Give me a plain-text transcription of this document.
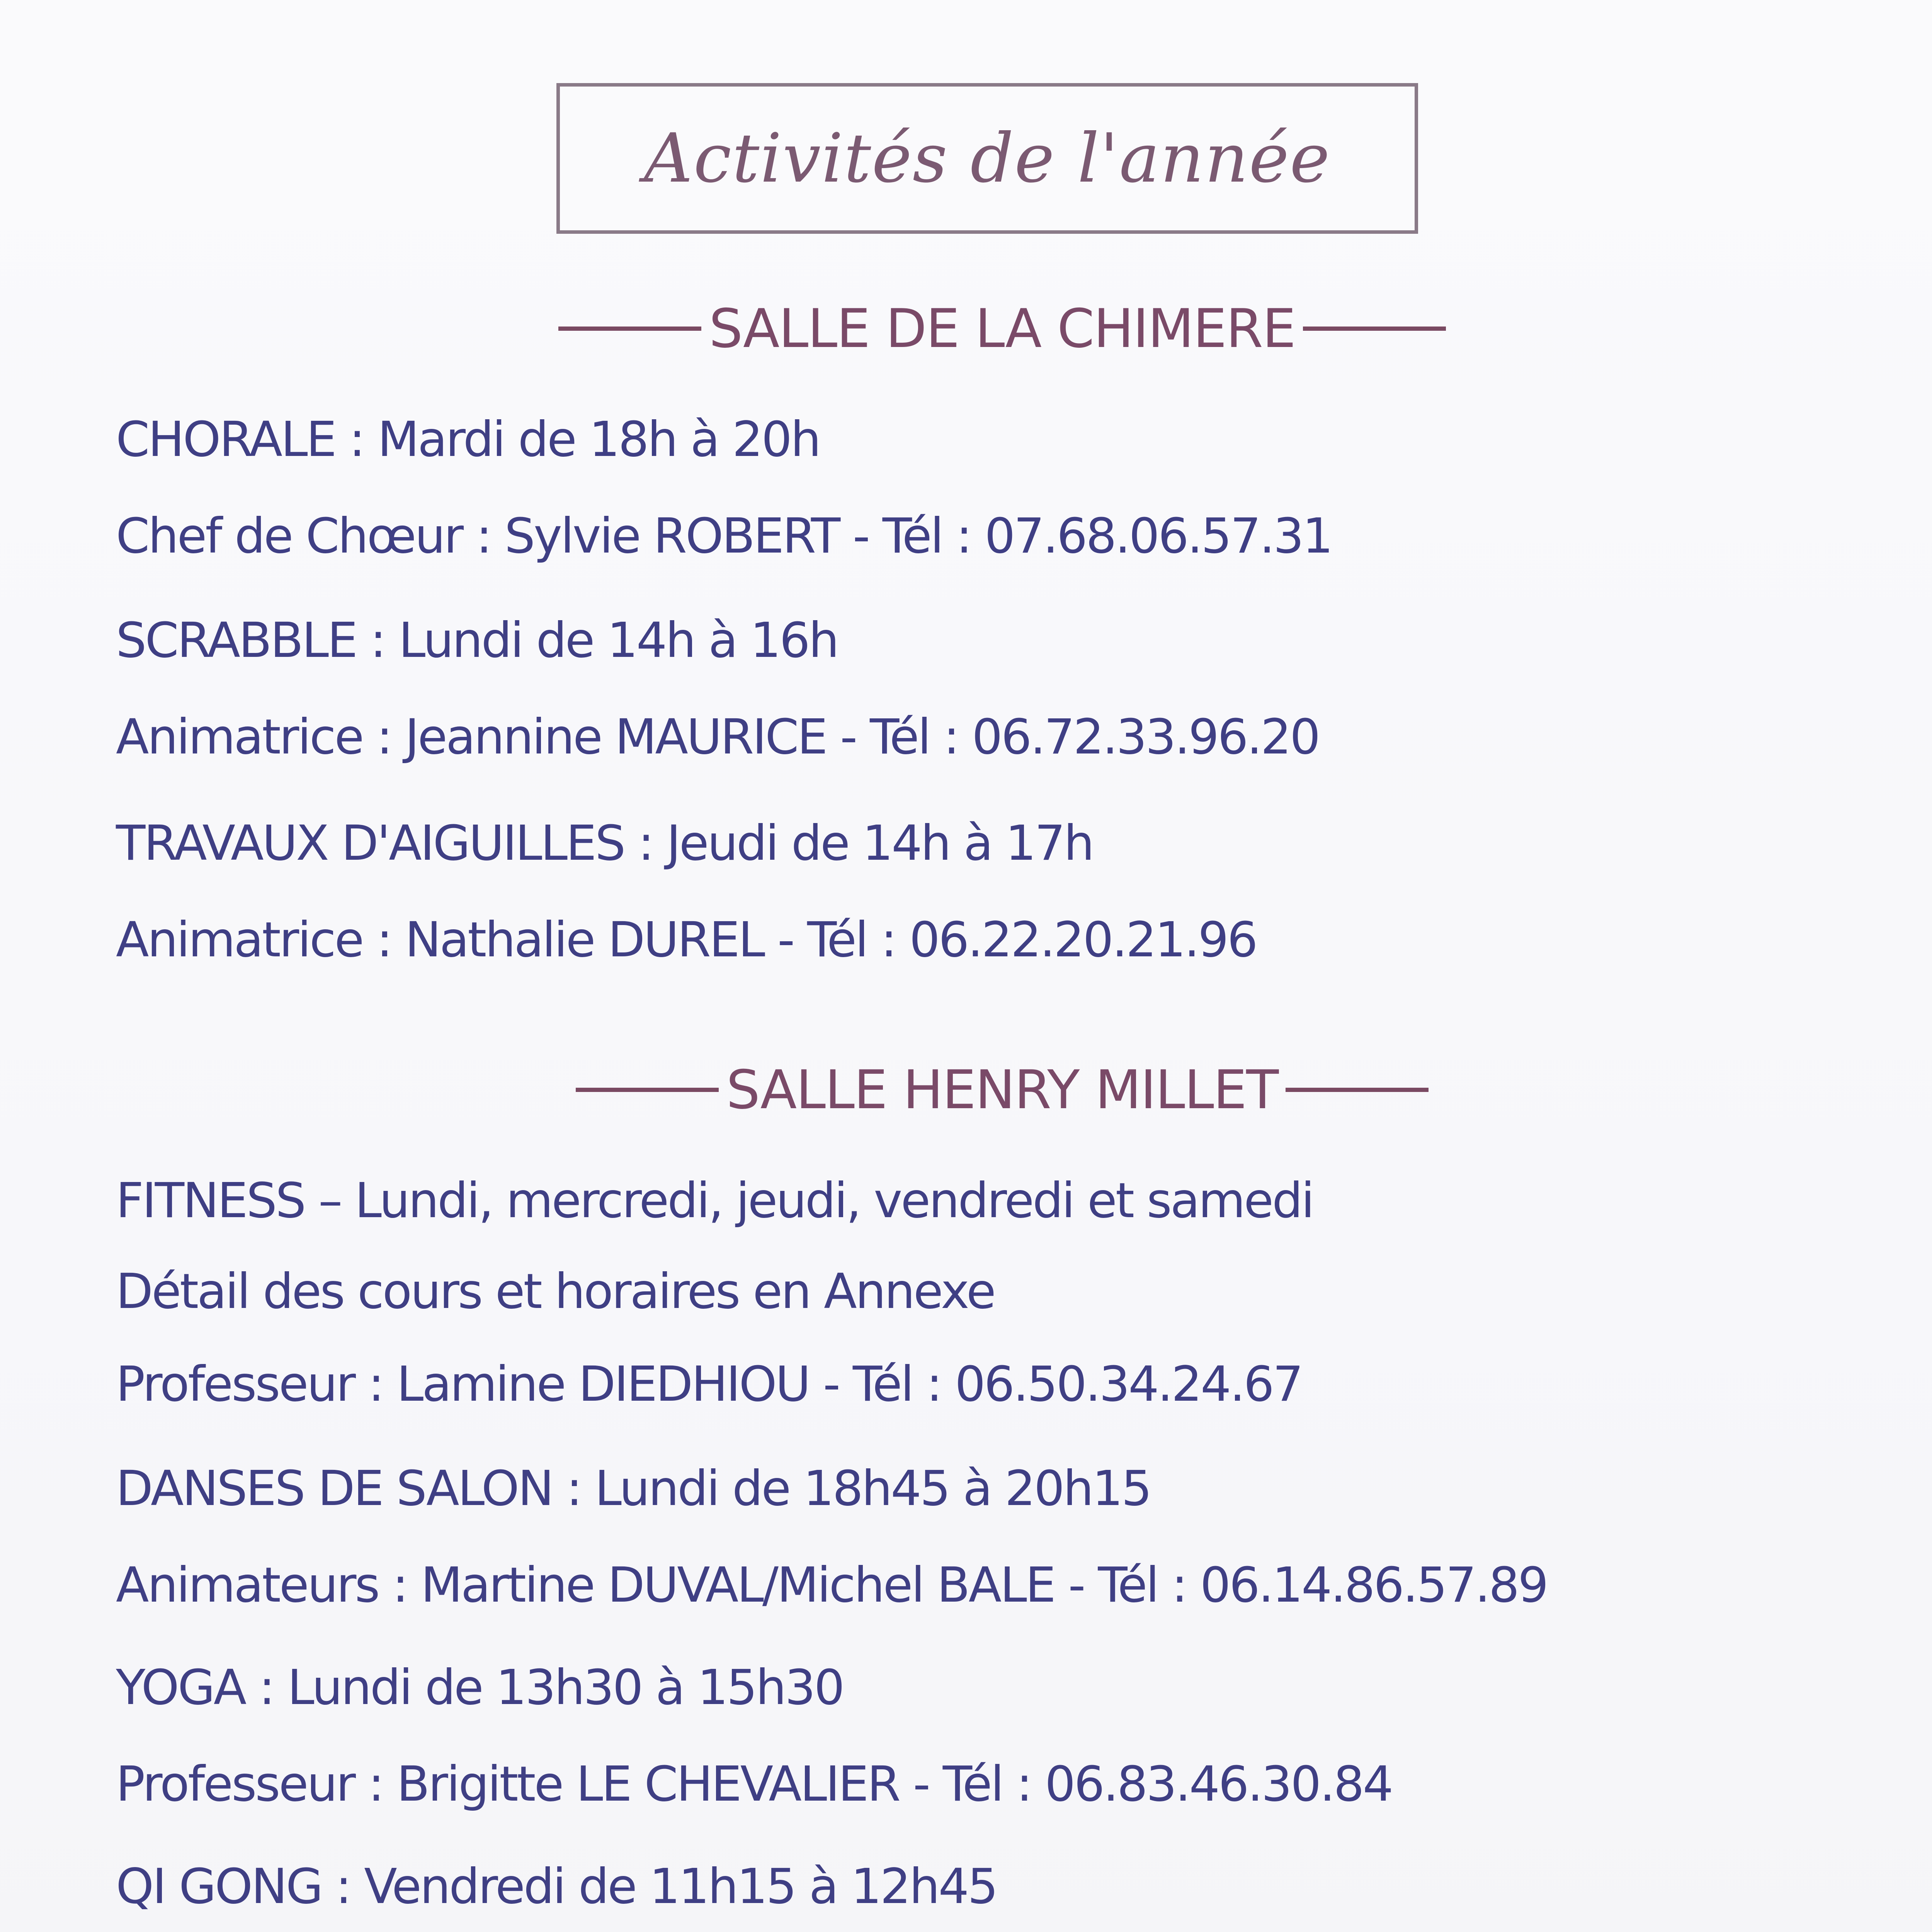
Activités de l'année
SALLE DE LA CHIMERE
CHORALE : Mardi de 18h à 20h
Chef de Chœur : Sylvie ROBERT - Tél : 07.68.06.57.31
SCRABBLE : Lundi de 14h à 16h
Animatrice : Jeannine MAURICE - Tél : 06.72.33.96.20
TRAVAUX D'AIGUILLES : Jeudi de 14h à 17h
Animatrice : Nathalie DUREL - Tél : 06.22.20.21.96
SALLE HENRY MILLET
FITNESS – Lundi, mercredi, jeudi, vendredi et samedi
Détail des cours et horaires en Annexe
Professeur : Lamine DIEDHIOU - Tél : 06.50.34.24.67
DANSES DE SALON : Lundi de 18h45 à 20h15
Animateurs : Martine DUVAL/Michel BALE - Tél : 06.14.86.57.89
YOGA : Lundi de 13h30 à 15h30
Professeur : Brigitte LE CHEVALIER - Tél : 06.83.46.30.84
QI GONG : Vendredi de 11h15 à 12h45
